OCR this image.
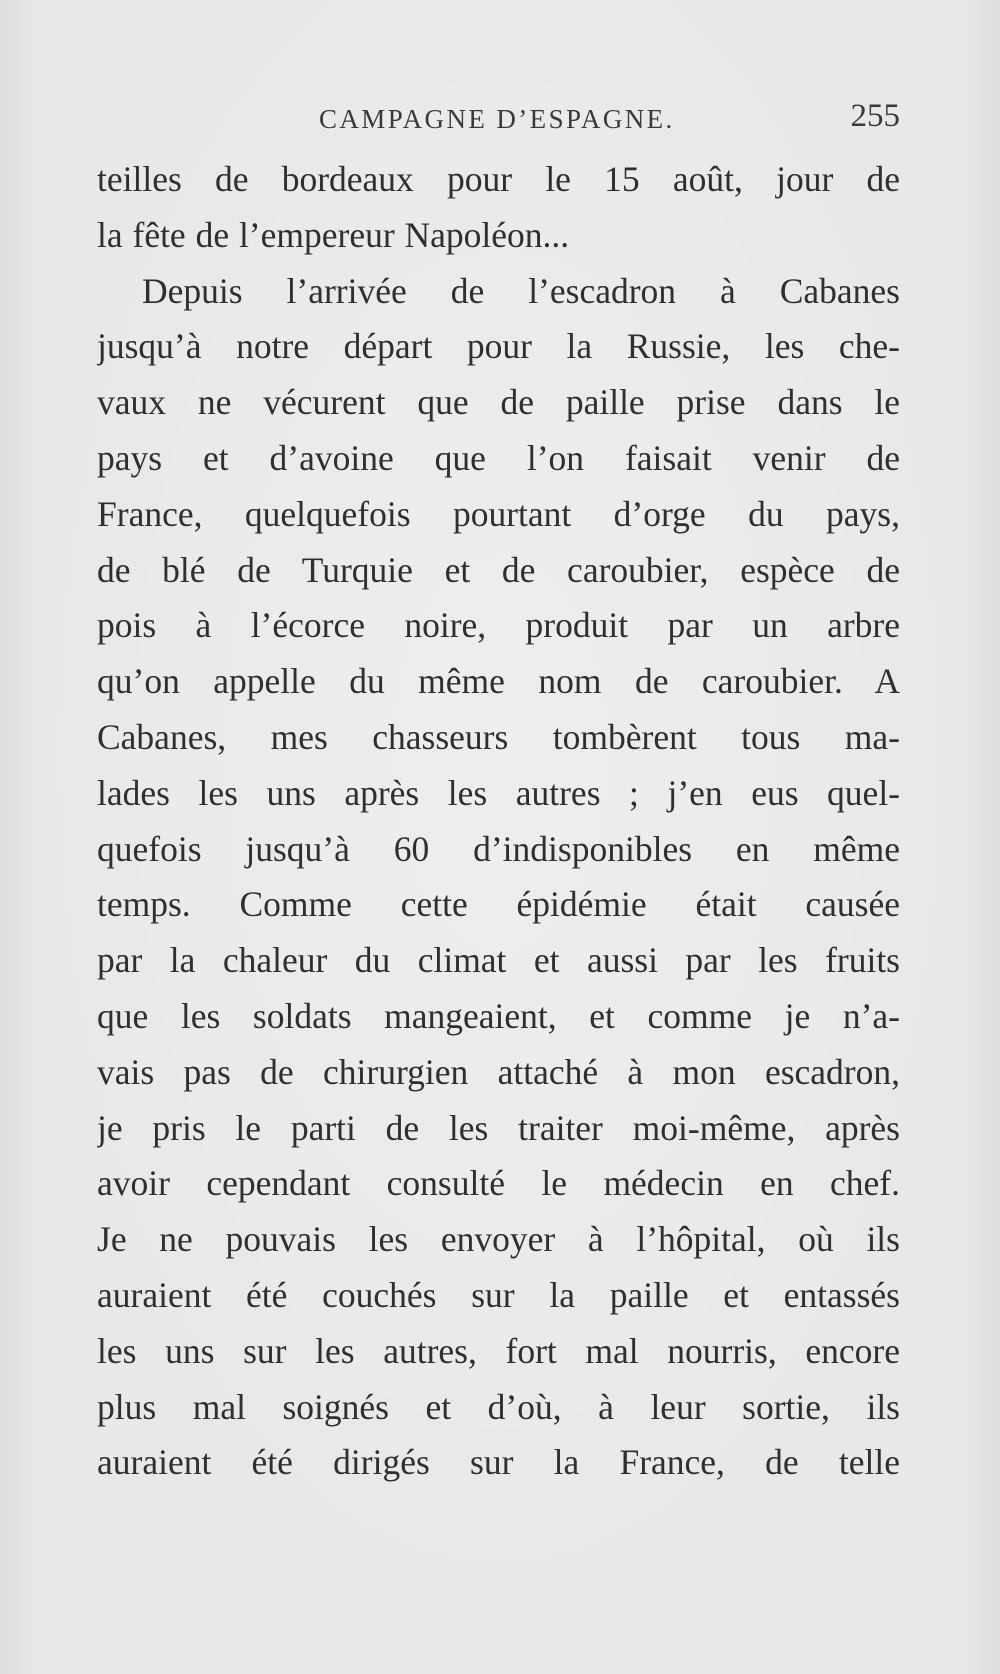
CAMPAGNE D’ESPAGNE.	255
teilles de bordeaux pour le 15 août, jour de
la fête de l’empereur Napoléon...
Depuis l’arrivée de l’escadron à Cabanes
jusqu’à notre départ pour la Russie, les che-
vaux ne vécurent que de paille prise dans le
pays et d’avoine que l’on faisait venir de
France, quelquefois pourtant d’orge du pays,
de blé de Turquie et de caroubier, espèce de
pois à l’écorce noire, produit par un arbre
qu’on appelle du même nom de caroubier. A
Cabanes, mes chasseurs tombèrent tous ma-
lades les uns après les autres ; j’en eus quel-
quefois jusqu’à 60 d’indisponibles en même
temps. Comme cette épidémie était causée
par la chaleur du climat et aussi par les fruits
que les soldats mangeaient, et comme je n’a-
vais pas de chirurgien attaché à mon escadron,
je pris le parti de les traiter moi-même, après
avoir cependant consulté le médecin en chef.
Je ne pouvais les envoyer à l’hôpital, où ils
auraient été couchés sur la paille et entassés
les uns sur les autres, fort mal nourris, encore
plus mal soignés et d’où, à leur sortie, ils
auraient été dirigés sur la France, de telle
